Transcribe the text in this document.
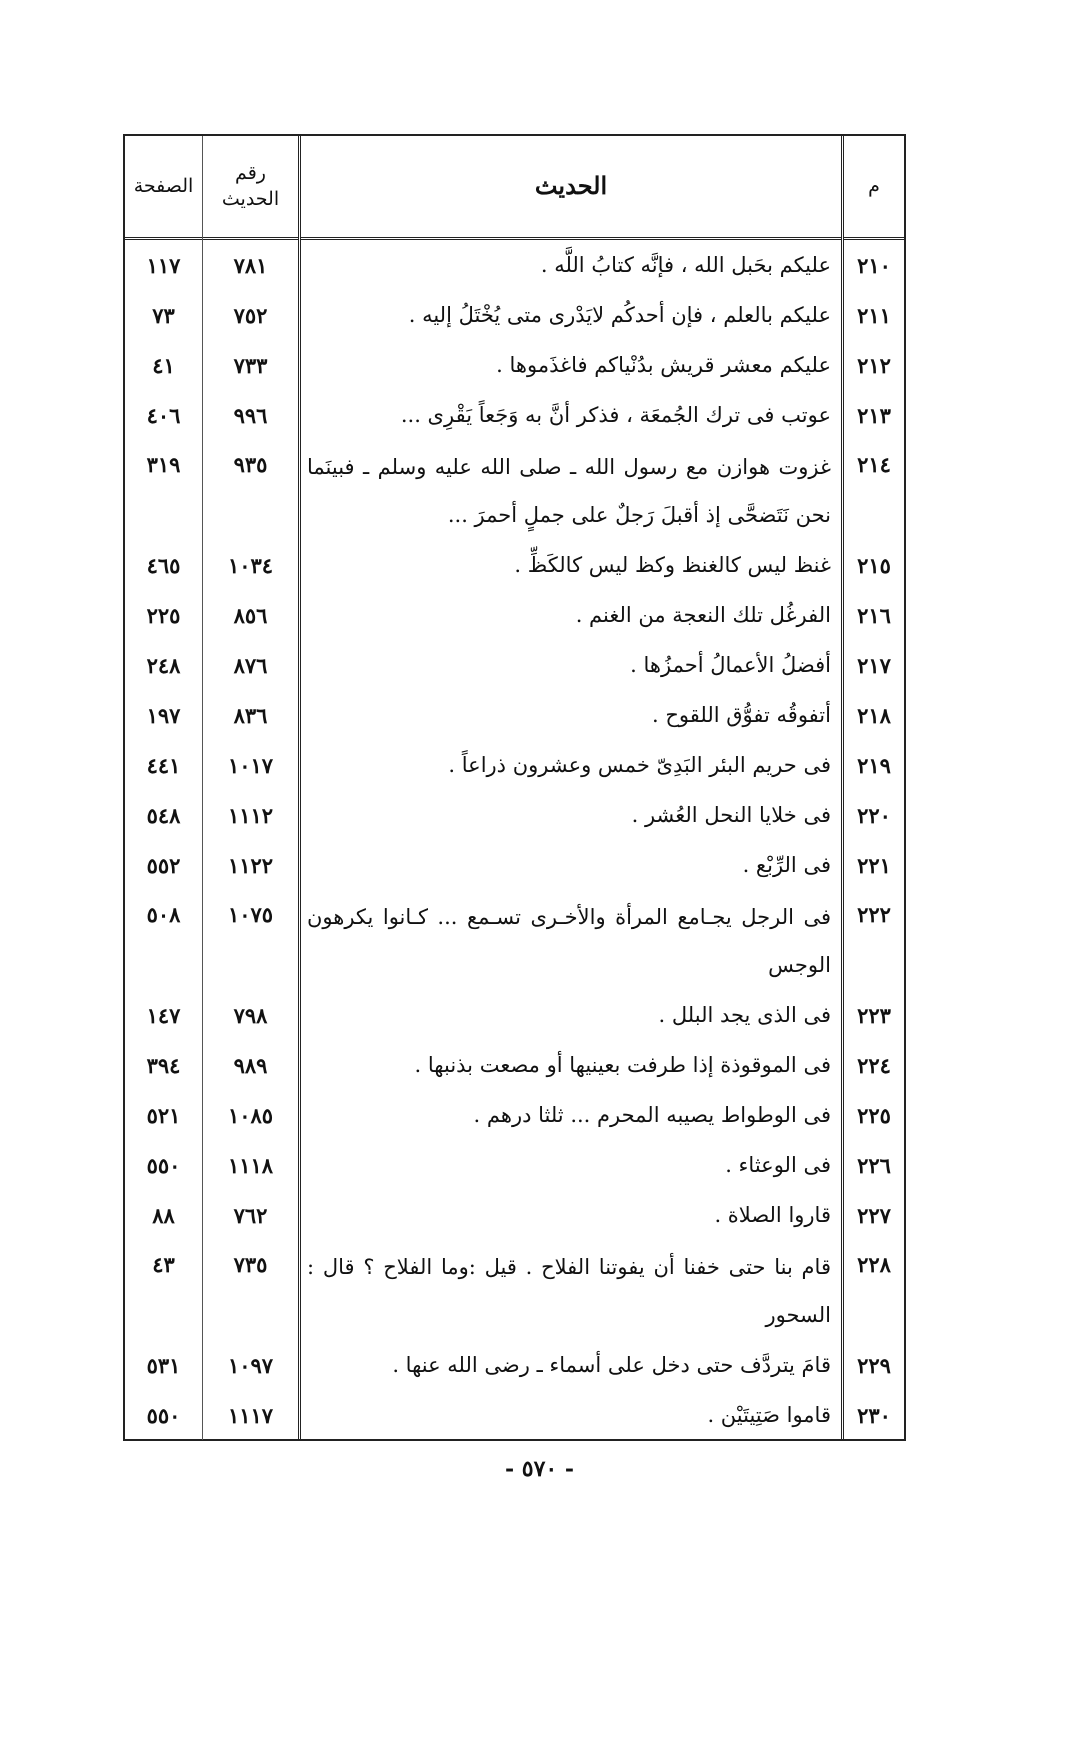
الصفحة
١١٧
٧٣
٤١
٤٠٦
٣١٩
٤٦٥
٢٢٥
٢٤٨
١٩٧
٤٤١
٥٤٨
٥٥٢
٥٠٨
١٤٧
٣٩٤
٥٢١
٥٥٠
٨٨
٤٣
٥٣١
٥٥٠
رقم
الحديث
٧٨١
٧٥٢
٧٣٣
٩٩٦
٩٣٥
١٠٣٤
٨٥٦
٨٧٦
٨٣٦
١٠١٧
١١١٢
١١٢٢
١٠٧٥
٧٩٨
٩٨٩
١٠٨٥
١١١٨
٧٦٢
٧٣٥
١٠٩٧
١١١٧
الحديث
عليكم بحَبل الله ، فإنَّه كتابُ اللَّه .
عليكم بالعلم ، فإن أحدكُم لايَدْرى متى يُخْتَلُ إليه .
عليكم معشر قريش بدُنْياكم فاغذَموها .
عوتب فى ترك الجُمعَة ، فذكر أنَّ به وَجَعاً يَقْرِى ...
غزوت هوازن مع رسول الله ـ صلى الله عليه وسلم ـ فبينَما
نحن نَتَضحَّى إذ أقبلَ رَجلٌ على جملٍ أحمرَ ...
غنظ ليس كالغنظ وكظ ليس كالكَظِّ .
الفرغُل تلك النعجة من الغنم .
أفضلُ الأعمالُ أحمزُها .
أتفوقُه تفوُّق اللقوح .
فى حريم البئر البَدِىّ خمس وعشرون ذراعاً .
فى خلايا النحل العُشر .
فى الرِّبْع .
فى الرجل يجـامع المرأة والأخـرى تسـمع ... كـانوا يكرهون
الوجس
فى الذى يجد البلل .
فى الموقوذة إذا طرفت بعينيها أو مصعت بذنبها .
فى الوطواط يصيبه المحرم ... ثلثا درهم .
فى الوعثاء .
قاروا الصلاة .
قام بنا حتى خفنا أن يفوتنا الفلاح . قيل :وما الفلاح ؟ قال :
السحور
قامَ يتردَّف حتى دخل على أسماء ـ رضى الله عنها .
قاموا صَتِيتَيْن .
م
٢١٠
٢١١
٢١٢
٢١٣
٢١٤
٢١٥
٢١٦
٢١٧
٢١٨
٢١٩
٢٢٠
٢٢١
٢٢٢
٢٢٣
٢٢٤
٢٢٥
٢٢٦
٢٢٧
٢٢٨
٢٢٩
٢٣٠
- ٥٧٠ -
